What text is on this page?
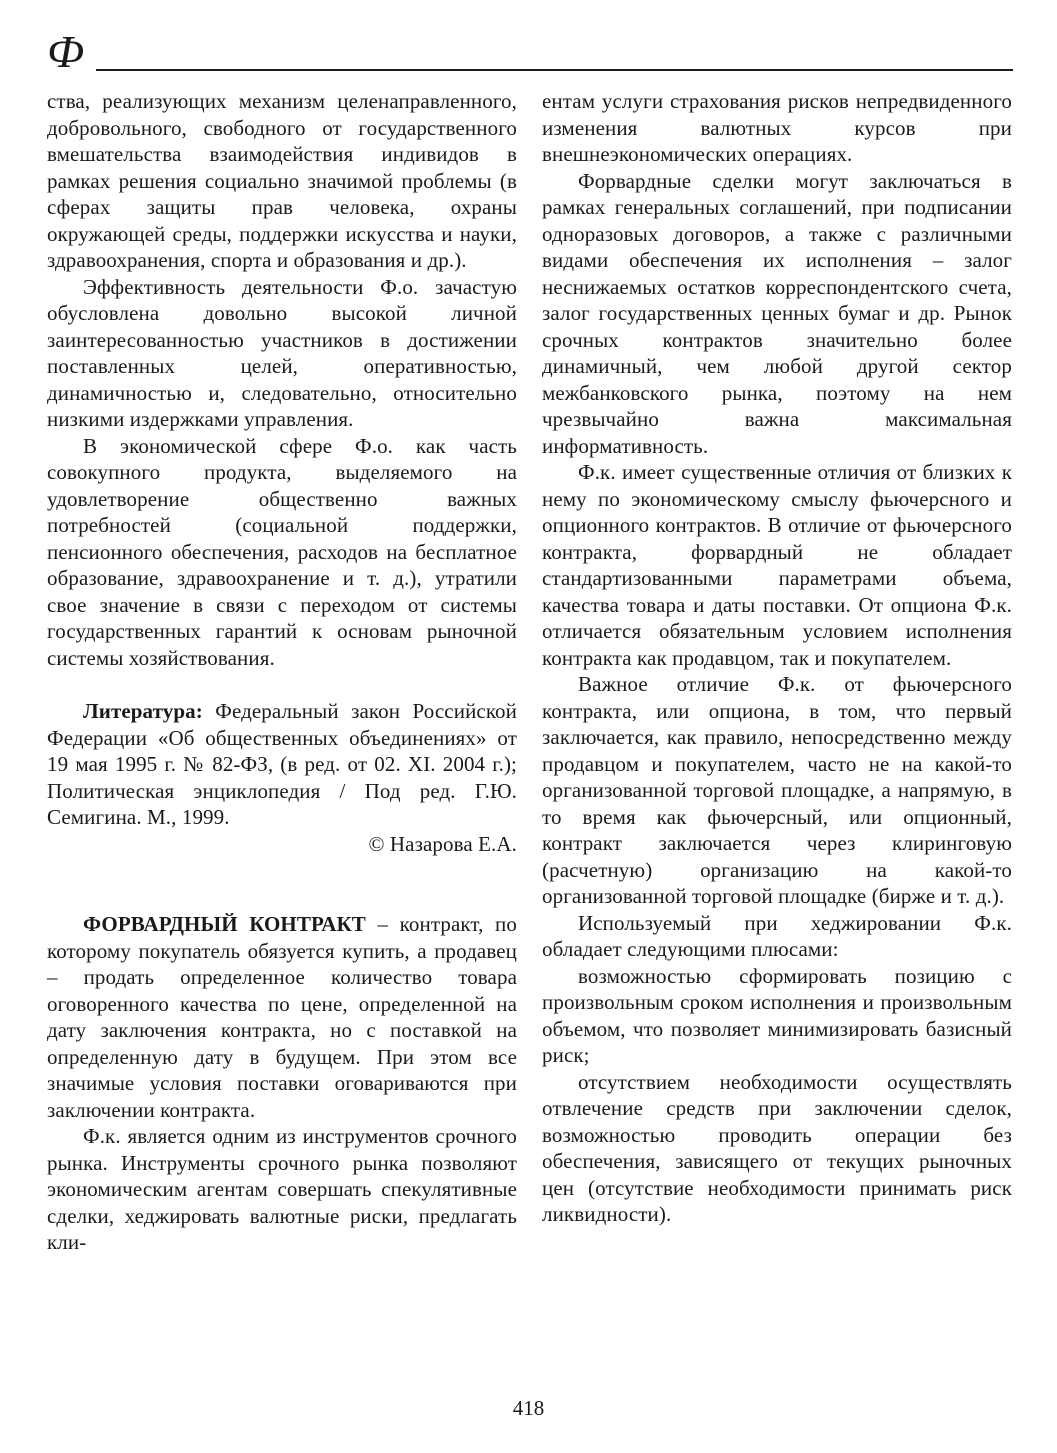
Ф

ства, реализующих механизм целенаправленного, добровольного, свободного от государственного вмешательства взаимодействия индивидов в рамках решения социально значимой проблемы (в сферах защиты прав человека, охраны окружающей среды, поддержки искусства и науки, здравоохранения, спорта и образования и др.).

Эффективность деятельности Ф.о. зачастую обусловлена довольно высокой личной заинтересованностью участников в достижении поставленных целей, оперативностью, динамичностью и, следовательно, относительно низкими издержками управления.

В экономической сфере Ф.о. как часть совокупного продукта, выделяемого на удовлетворение общественно важных потребностей (социальной поддержки, пенсионного обеспечения, расходов на бесплатное образование, здравоохранение и т. д.), утратили свое значение в связи с переходом от системы государственных гарантий к основам рыночной системы хозяйствования.

Литература: Федеральный закон Российской Федерации «Об общественных объединениях» от 19 мая 1995 г. № 82-ФЗ, (в ред. от 02. XI. 2004 г.); Политическая энциклопедия / Под ред. Г.Ю. Семигина. М., 1999.

© Назарова Е.А.

ФОРВАРДНЫЙ КОНТРАКТ – контракт, по которому покупатель обязуется купить, а продавец – продать определенное количество товара оговоренного качества по цене, определенной на дату заключения контракта, но с поставкой на определенную дату в будущем. При этом все значимые условия поставки оговариваются при заключении контракта.

Ф.к. является одним из инструментов срочного рынка. Инструменты срочного рынка позволяют экономическим агентам совершать спекулятивные сделки, хеджировать валютные риски, предлагать кли-

ентам услуги страхования рисков непредвиденного изменения валютных курсов при внешнеэкономических операциях.

Форвардные сделки могут заключаться в рамках генеральных соглашений, при подписании одноразовых договоров, а также с различными видами обеспечения их исполнения – залог неснижаемых остатков корреспондентского счета, залог государственных ценных бумаг и др. Рынок срочных контрактов значительно более динамичный, чем любой другой сектор межбанковского рынка, поэтому на нем чрезвычайно важна максимальная информативность.

Ф.к. имеет существенные отличия от близких к нему по экономическому смыслу фьючерсного и опционного контрактов. В отличие от фьючерсного контракта, форвардный не обладает стандартизованными параметрами объема, качества товара и даты поставки. От опциона Ф.к. отличается обязательным условием исполнения контракта как продавцом, так и покупателем.

Важное отличие Ф.к. от фьючерсного контракта, или опциона, в том, что первый заключается, как правило, непосредственно между продавцом и покупателем, часто не на какой-то организованной торговой площадке, а напрямую, в то время как фьючерсный, или опционный, контракт заключается через клиринговую (расчетную) организацию на какой-то организованной торговой площадке (бирже и т. д.).

Используемый при хеджировании Ф.к. обладает следующими плюсами:

возможностью сформировать позицию с произвольным сроком исполнения и произвольным объемом, что позволяет минимизировать базисный риск;

отсутствием необходимости осуществлять отвлечение средств при заключении сделок, возможностью проводить операции без обеспечения, зависящего от текущих рыночных цен (отсутствие необходимости принимать риск ликвидности).

418
